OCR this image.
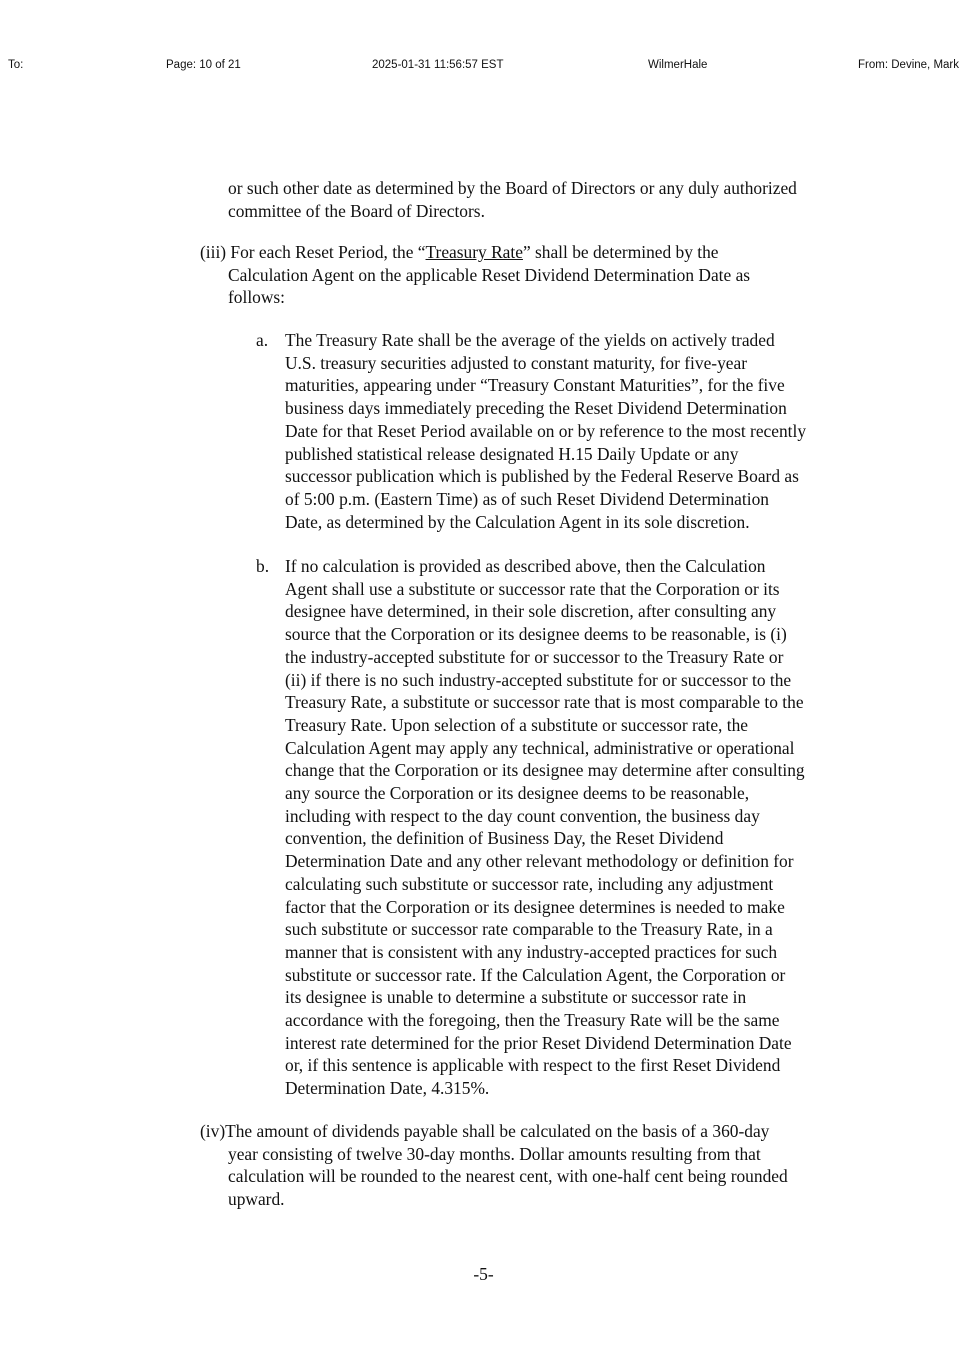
To:	Page: 10 of 21	2025-01-31 11:56:57 EST	WilmerHale	From: Devine, Mark

or such other date as determined by the Board of Directors or any duly authorized
committee of the Board of Directors.

(iii) For each Reset Period, the “Treasury Rate” shall be determined by the
Calculation Agent on the applicable Reset Dividend Determination Date as
follows:

a. The Treasury Rate shall be the average of the yields on actively traded
U.S. treasury securities adjusted to constant maturity, for five-year
maturities, appearing under “Treasury Constant Maturities”, for the five
business days immediately preceding the Reset Dividend Determination
Date for that Reset Period available on or by reference to the most recently
published statistical release designated H.15 Daily Update or any
successor publication which is published by the Federal Reserve Board as
of 5:00 p.m. (Eastern Time) as of such Reset Dividend Determination
Date, as determined by the Calculation Agent in its sole discretion.

b. If no calculation is provided as described above, then the Calculation
Agent shall use a substitute or successor rate that the Corporation or its
designee have determined, in their sole discretion, after consulting any
source that the Corporation or its designee deems to be reasonable, is (i)
the industry-accepted substitute for or successor to the Treasury Rate or
(ii) if there is no such industry-accepted substitute for or successor to the
Treasury Rate, a substitute or successor rate that is most comparable to the
Treasury Rate. Upon selection of a substitute or successor rate, the
Calculation Agent may apply any technical, administrative or operational
change that the Corporation or its designee may determine after consulting
any source the Corporation or its designee deems to be reasonable,
including with respect to the day count convention, the business day
convention, the definition of Business Day, the Reset Dividend
Determination Date and any other relevant methodology or definition for
calculating such substitute or successor rate, including any adjustment
factor that the Corporation or its designee determines is needed to make
such substitute or successor rate comparable to the Treasury Rate, in a
manner that is consistent with any industry-accepted practices for such
substitute or successor rate. If the Calculation Agent, the Corporation or
its designee is unable to determine a substitute or successor rate in
accordance with the foregoing, then the Treasury Rate will be the same
interest rate determined for the prior Reset Dividend Determination Date
or, if this sentence is applicable with respect to the first Reset Dividend
Determination Date, 4.315%.

(iv)The amount of dividends payable shall be calculated on the basis of a 360-day
year consisting of twelve 30-day months. Dollar amounts resulting from that
calculation will be rounded to the nearest cent, with one-half cent being rounded
upward.

-5-
